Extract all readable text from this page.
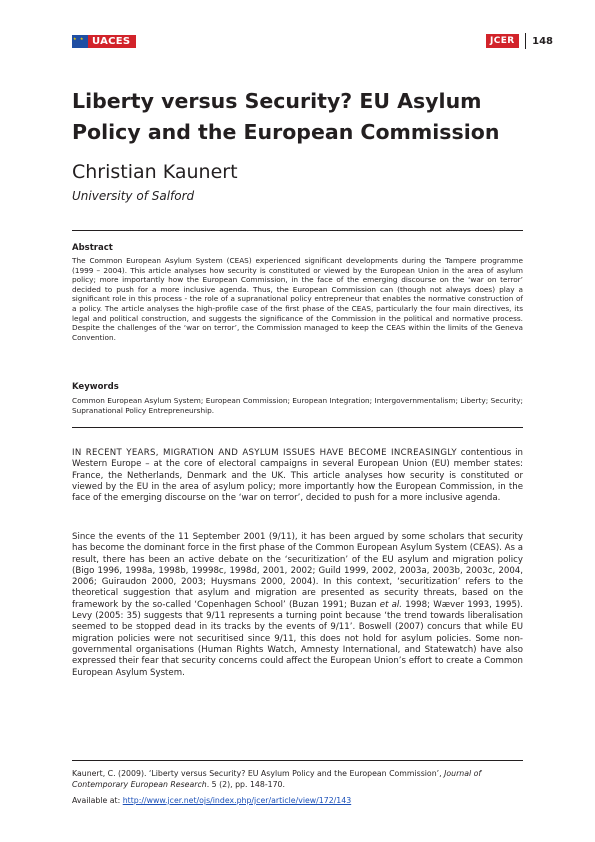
★ ★
UACES	JCER	148
Liberty versus Security? EU Asylum Policy and the European Commission

Christian Kaunert

University of Salford

Abstract

The Common European Asylum System (CEAS) experienced significant developments during the Tampere programme (1999 – 2004). This article analyses how security is constituted or viewed by the European Union in the area of asylum policy; more importantly how the European Commission, in the face of the emerging discourse on the ‘war on terror’ decided to push for a more inclusive agenda. Thus, the European Commission can (though not always does) play a significant role in this process - the role of a supranational policy entrepreneur that enables the normative construction of a policy. The article analyses the high-profile case of the first phase of the CEAS, particularly the four main directives, its legal and political construction, and suggests the significance of the Commission in the political and normative process. Despite the challenges of the ‘war on terror’, the Commission managed to keep the CEAS within the limits of the Geneva Convention.

Keywords

Common European Asylum System; European Commission; European Integration; Intergovernmentalism; Liberty; Security; Supranational Policy Entrepreneurship.

IN RECENT YEARS, MIGRATION AND ASYLUM ISSUES HAVE BECOME INCREASINGLY contentious in Western Europe – at the core of electoral campaigns in several European Union (EU) member states: France, the Netherlands, Denmark and the UK. This article analyses how security is constituted or viewed by the EU in the area of asylum policy; more importantly how the European Commission, in the face of the emerging discourse on the ‘war on terror’, decided to push for a more inclusive agenda.

Since the events of the 11 September 2001 (9/11), it has been argued by some scholars that security has become the dominant force in the first phase of the Common European Asylum System (CEAS). As a result, there has been an active debate on the ‘securitization’ of the EU asylum and migration policy (Bigo 1996, 1998a, 1998b, 19998c, 1998d, 2001, 2002; Guild 1999, 2002, 2003a, 2003b, 2003c, 2004, 2006; Guiraudon 2000, 2003; Huysmans 2000, 2004). In this context, ‘securitization’ refers to the theoretical suggestion that asylum and migration are presented as security threats, based on the framework by the so-called ‘Copenhagen School’ (Buzan 1991; Buzan et al. 1998; Wæver 1993, 1995). Levy (2005: 35) suggests that 9/11 represents a turning point because ‘the trend towards liberalisation seemed to be stopped dead in its tracks by the events of 9/11’. Boswell (2007) concurs that while EU migration policies were not securitised since 9/11, this does not hold for asylum policies. Some non-governmental organisations (Human Rights Watch, Amnesty International, and Statewatch) have also expressed their fear that security concerns could affect the European Union’s effort to create a Common European Asylum System.

Kaunert, C. (2009). ‘Liberty versus Security? EU Asylum Policy and the European Commission’, Journal of Contemporary European Research. 5 (2), pp. 148-170.

Available at: http://www.jcer.net/ojs/index.php/jcer/article/view/172/143
